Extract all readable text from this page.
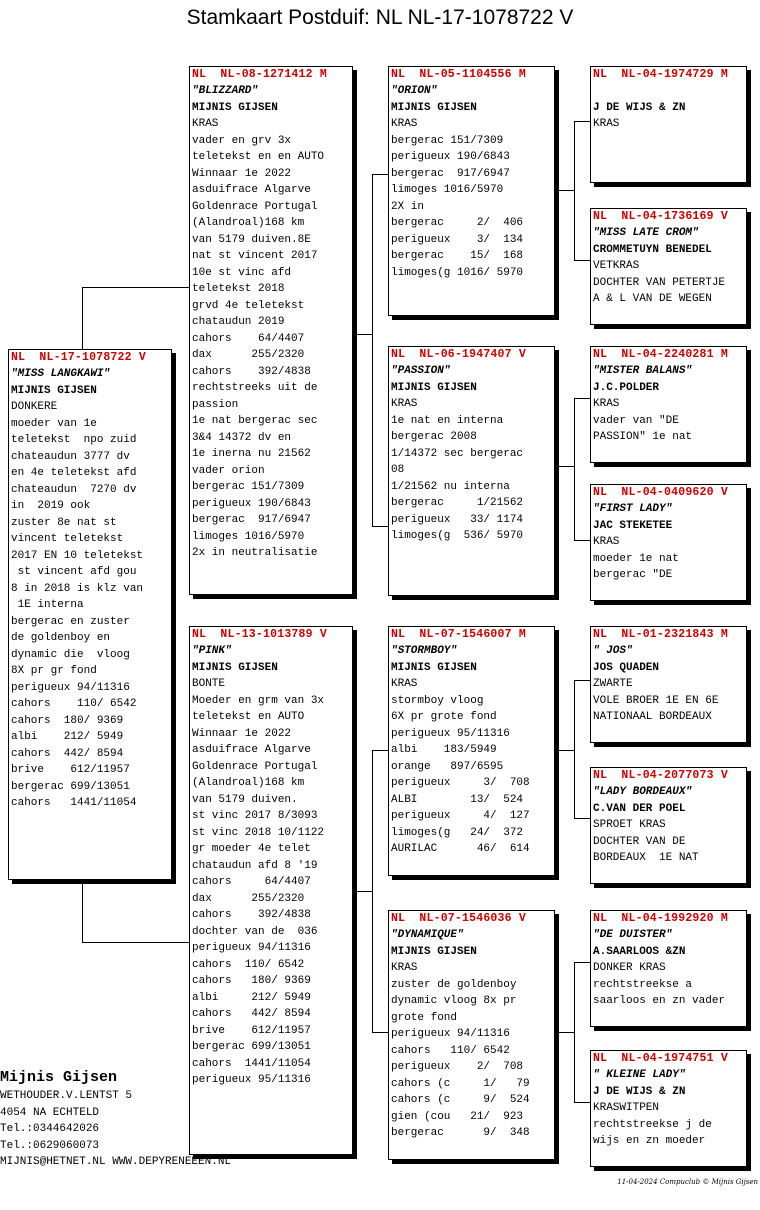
Stamkaart Postduif: NL NL-17-1078722 V
NL  NL-17-1078722 V
"MISS LANGKAWI"
MIJNIS GIJSEN
DONKERE
moeder van 1e
teletekst  npo zuid
chateaudun 3777 dv
en 4e teletekst afd
chateaudun  7270 dv
in  2019 ook
zuster 8e nat st
vincent teletekst
2017 EN 10 teletekst
st vincent afd gou
8 in 2018 is klz van
1E interna
bergerac en zuster
de goldenboy en
dynamic die  vloog
8X pr gr fond
perigueux 94/11316
cahors    110/ 6542
cahors  180/ 9369
albi    212/ 5949
cahors  442/ 8594
brive    612/11957
bergerac 699/13051
cahors   1441/11054
NL  NL-08-1271412 M
"BLIZZARD"
MIJNIS GIJSEN
KRAS
vader en grv 3x
teletekst en en AUTO
Winnaar 1e 2022
asduifrace Algarve
Goldenrace Portugal
(Alandroal)168 km
van 5179 duiven.8E
nat st vincent 2017
10e st vinc afd
teletekst 2018
grvd 4e teletekst
chataudun 2019
cahors    64/4407
dax      255/2320
cahors    392/4838
rechtstreeks uit de
passion
1e nat bergerac sec
3&4 14372 dv en
1e inerna nu 21562
vader orion
bergerac 151/7309
perigueux 190/6843
bergerac  917/6947
limoges 1016/5970
2x in neutralisatie
NL  NL-13-1013789 V
"PINK"
MIJNIS GIJSEN
BONTE
Moeder en grm van 3x
teletekst en AUTO
Winnaar 1e 2022
asduifrace Algarve
Goldenrace Portugal
(Alandroal)168 km
van 5179 duiven.
st vinc 2017 8/3093
st vinc 2018 10/1122
gr moeder 4e telet
chataudun afd 8 '19
cahors     64/4407
dax      255/2320
cahors    392/4838
dochter van de  036
perigueux 94/11316
cahors  110/ 6542
cahors   180/ 9369
albi     212/ 5949
cahors   442/ 8594
brive    612/11957
bergerac 699/13051
cahors  1441/11054
perigueux 95/11316
NL  NL-05-1104556 M
"ORION"
MIJNIS GIJSEN
KRAS
bergerac 151/7309
perigueux 190/6843
bergerac  917/6947
limoges 1016/5970
2X in
bergerac     2/  406
perigueux    3/  134
bergerac    15/  168
limoges(g 1016/ 5970
NL  NL-06-1947407 V
"PASSION"
MIJNIS GIJSEN
KRAS
1e nat en interna
bergerac 2008
1/14372 sec bergerac
08
1/21562 nu interna
bergerac     1/21562
perigueux   33/ 1174
limoges(g  536/ 5970
NL  NL-07-1546007 M
"STORMBOY"
MIJNIS GIJSEN
KRAS
stormboy vloog
6X pr grote fond
perigueux 95/11316
albi    183/5949
orange   897/6595
perigueux     3/  708
ALBI        13/  524
perigueux     4/  127
limoges(g   24/  372
AURILAC      46/  614
NL  NL-07-1546036 V
"DYNAMIQUE"
MIJNIS GIJSEN
KRAS
zuster de goldenboy
dynamic vloog 8x pr
grote fond
perigueux 94/11316
cahors   110/ 6542
perigueux    2/  708
cahors (c     1/   79
cahors (c     9/  524
gien (cou   21/  923
bergerac      9/  348
NL  NL-04-1974729 M

J DE WIJS & ZN
KRAS
NL  NL-04-1736169 V
"MISS LATE CROM"
CROMMETUYN BENEDEL
VETKRAS
DOCHTER VAN PETERTJE
A & L VAN DE WEGEN
NL  NL-04-2240281 M
"MISTER BALANS"
J.C.POLDER
KRAS
vader van "DE
PASSION" 1e nat
NL  NL-04-0409620 V
"FIRST LADY"
JAC STEKETEE
KRAS
moeder 1e nat
bergerac "DE
NL  NL-01-2321843 M
" JOS"
JOS QUADEN
ZWARTE
VOLE BROER 1E EN 6E
NATIONAAL BORDEAUX
NL  NL-04-2077073 V
"LADY BORDEAUX"
C.VAN DER POEL
SPROET KRAS
DOCHTER VAN DE
BORDEAUX  1E NAT
NL  NL-04-1992920 M
"DE DUISTER"
A.SAARLOOS &ZN
DONKER KRAS
rechtstreekse a
saarloos en zn vader
NL  NL-04-1974751 V
" KLEINE LADY"
J DE WIJS & ZN
KRASWITPEN
rechtstreekse j de
wijs en zn moeder
Mijnis Gijsen
WETHOUDER.V.LENTST 5
4054 NA ECHTELD
Tel.:0344642026
Tel.:0629060073
MIJNIS@HETNET.NL WWW.DEPYRENEEEN.NL
11-04-2024 Compuclub © Mijnis Gijsen
